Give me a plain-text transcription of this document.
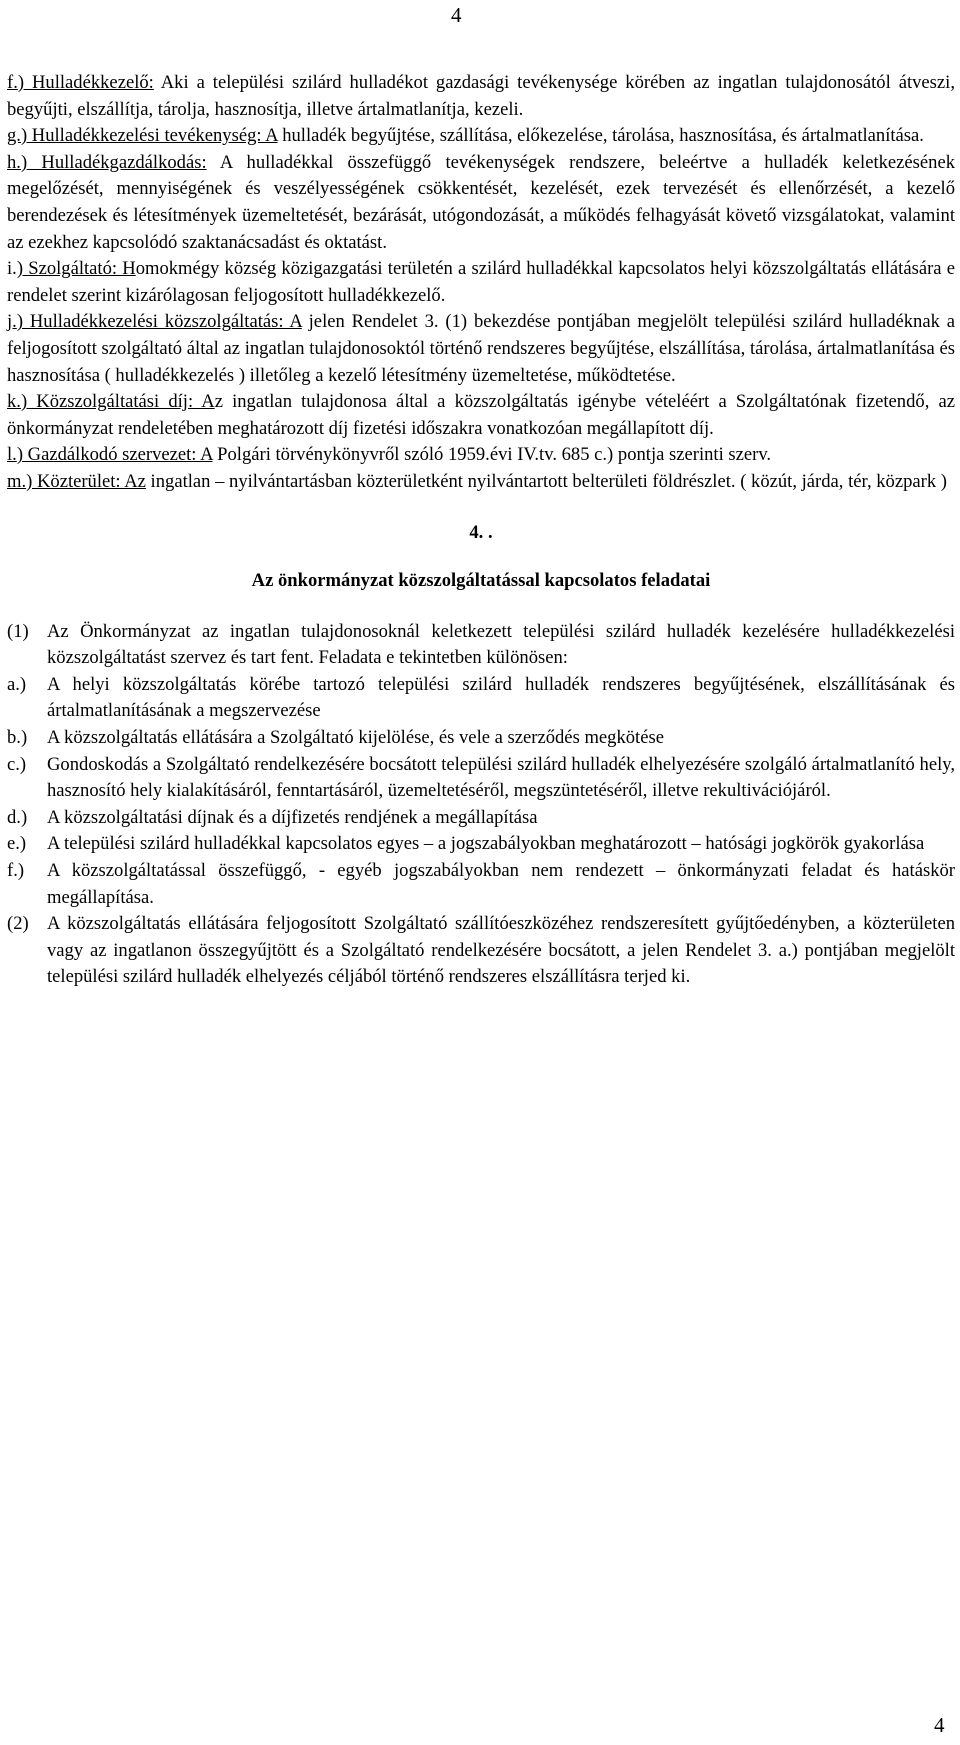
4

f.) Hulladékkezelő: Aki a települési szilárd hulladékot gazdasági tevékenysége körében az ingatlan tulajdonosától átveszi, begyűjti, elszállítja, tárolja, hasznosítja, illetve ártalmatlanítja, kezeli.

g.) Hulladékkezelési tevékenység: A hulladék begyűjtése, szállítása, előkezelése, tárolása, hasznosítása, és ártalmatlanítása.

h.) Hulladékgazdálkodás: A hulladékkal összefüggő tevékenységek rendszere, beleértve a hulladék keletkezésének megelőzését, mennyiségének és veszélyességének csökkentését, kezelését, ezek tervezését és ellenőrzését, a kezelő berendezések és létesítmények üzemeltetését, bezárását, utógondozását, a működés felhagyását követő vizsgálatokat, valamint az ezekhez kapcsolódó szaktanácsadást és oktatást.

i.) Szolgáltató: Homokmégy község közigazgatási területén a szilárd hulladékkal kapcsolatos helyi közszolgáltatás ellátására e rendelet szerint kizárólagosan feljogosított hulladékkezelő.

j.) Hulladékkezelési közszolgáltatás: A jelen Rendelet 3. (1) bekezdése pontjában megjelölt települési szilárd hulladéknak a feljogosított szolgáltató által az ingatlan tulajdonosoktól történő rendszeres begyűjtése, elszállítása, tárolása, ártalmatlanítása és hasznosítása ( hulladékkezelés ) illetőleg a kezelő létesítmény üzemeltetése, működtetése.

k.) Közszolgáltatási díj: Az ingatlan tulajdonosa által a közszolgáltatás igénybe vételéért a Szolgáltatónak fizetendő, az önkormányzat rendeletében meghatározott díj fizetési időszakra vonatkozóan megállapított díj.

l.) Gazdálkodó szervezet: A Polgári törvénykönyvről szóló 1959.évi IV.tv. 685 c.) pontja szerinti szerv.

m.) Közterület: Az ingatlan – nyilvántartásban közterületként nyilvántartott belterületi földrészlet. ( közút, járda, tér, közpark )

4. .

Az önkormányzat közszolgáltatással kapcsolatos feladatai

(1) Az Önkormányzat az ingatlan tulajdonosoknál keletkezett települési szilárd hulladék kezelésére hulladékkezelési közszolgáltatást szervez és tart fent. Feladata e tekintetben különösen:
a.)	A helyi közszolgáltatás körébe tartozó települési szilárd hulladék rendszeres begyűjtésének, elszállításának és ártalmatlanításának a megszervezése
b.)	A közszolgáltatás ellátására a Szolgáltató kijelölése, és vele a szerződés megkötése
c.)	Gondoskodás a Szolgáltató rendelkezésére bocsátott települési szilárd hulladék elhelyezésére szolgáló ártalmatlanító hely, hasznosító hely kialakításáról, fenntartásáról, üzemeltetéséről, megszüntetéséről, illetve rekultivációjáról.
d.)	A közszolgáltatási díjnak és a díjfizetés rendjének a megállapítása
e.)	A települési szilárd hulladékkal kapcsolatos egyes – a jogszabályokban meghatározott – hatósági jogkörök gyakorlása
f.)	A közszolgáltatással összefüggő, - egyéb jogszabályokban nem rendezett – önkormányzati feladat és hatáskör megállapítása.
(2) A közszolgáltatás ellátására feljogosított Szolgáltató szállítóeszközéhez rendszeresített gyűjtőedényben, a közterületen vagy az ingatlanon összegyűjtött és a Szolgáltató rendelkezésére bocsátott, a jelen Rendelet 3. a.) pontjában megjelölt települési szilárd hulladék elhelyezés céljából történő rendszeres elszállításra terjed ki.
4
